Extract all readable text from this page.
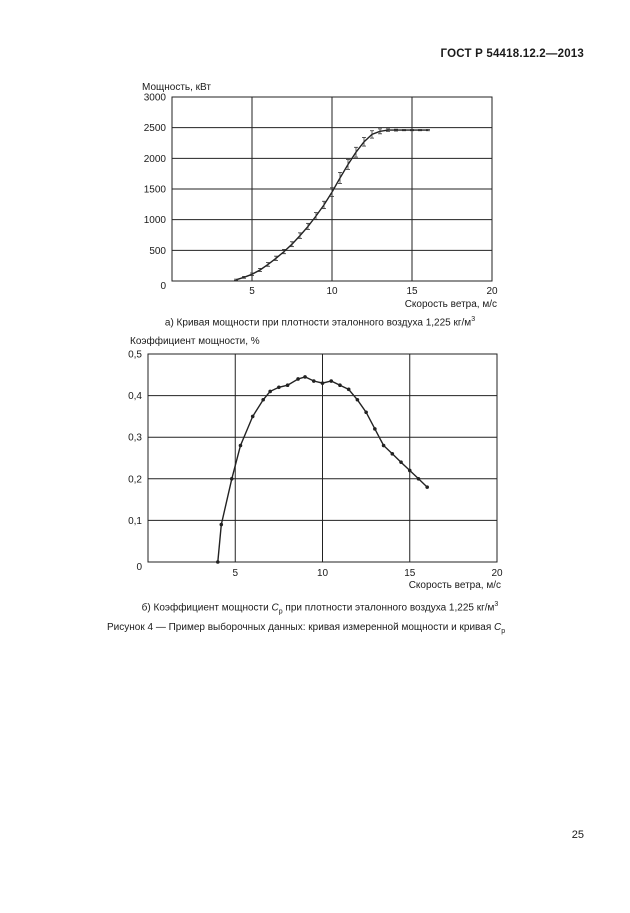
ГОСТ Р 54418.12.2—2013
500
1000
1500
2000
2500
3000
0	5	10	15	20
Мощность, кВт
Скорость ветра, м/с
0,1
0,2
0,3
0,4
0,5
0
5	10	15	20
Коэффициент мощности, %
Скорость ветра, м/с
а) Кривая мощности при плотности эталонного воздуха 1,225 $кг/м^3$
б) Коэффициент мощности $C_p$ при плотности эталонного воздуха 1,225 $кг/м^3$
Рисунок 4 — Пример выборочных данных: кривая измеренной мощности и кривая $C_p$
25
